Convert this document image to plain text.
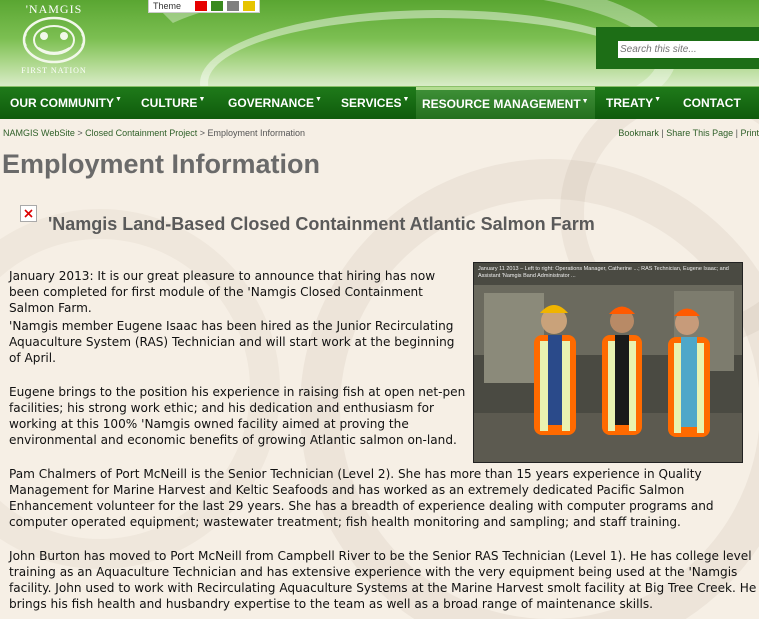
'NAMGIS
FIRST NATION
Theme
Search this site...
OUR COMMUNITY▼ CULTURE▼ GOVERNANCE▼ SERVICES▼	RESOURCE MANAGEMENT▼	TREATY▼ CONTACT
NAMGIS WebSite > Closed Containment Project > Employment Information	Bookmark | Share This Page | Print
Employment Information
'Namgis Land-Based Closed Containment Atlantic Salmon Farm

January 2013: It is our great pleasure to announce that hiring has now been completed for first module of the 'Namgis Closed Containment Salmon Farm.

'Namgis member Eugene Isaac has been hired as the Junior Recirculating Aquaculture System (RAS) Technician and will start work at the beginning of April.

Eugene brings to the position his experience in raising fish at open net-pen facilities; his strong work ethic; and his dedication and enthusiasm for working at this 100% 'Namgis owned facility aimed at proving the environmental and economic benefits of growing Atlantic salmon on-land.

Pam Chalmers of Port McNeill is the Senior Technician (Level 2). She has more than 15 years experience in Quality Management for Marine Harvest and Keltic Seafoods and has worked as an extremely dedicated Pacific Salmon Enhancement volunteer for the last 29 years. She has a breadth of experience dealing with computer programs and computer operated equipment; wastewater treatment; fish health monitoring and sampling; and staff training.

John Burton has moved to Port McNeill from Campbell River to be the Senior RAS Technician (Level 1). He has college level training as an Aquaculture Technician and has extensive experience with the very equipment being used at the 'Namgis facility. John used to work with Recirculating Aquaculture Systems at the Marine Harvest smolt facility at Big Tree Creek. He brings his fish health and husbandry expertise to the team as well as a broad range of maintenance skills.

January 11 2013 – Left to right: Operations Manager, Catherine ...; RAS Technician, Eugene Isaac; and Assistant 'Namgis Band Administrator ...
